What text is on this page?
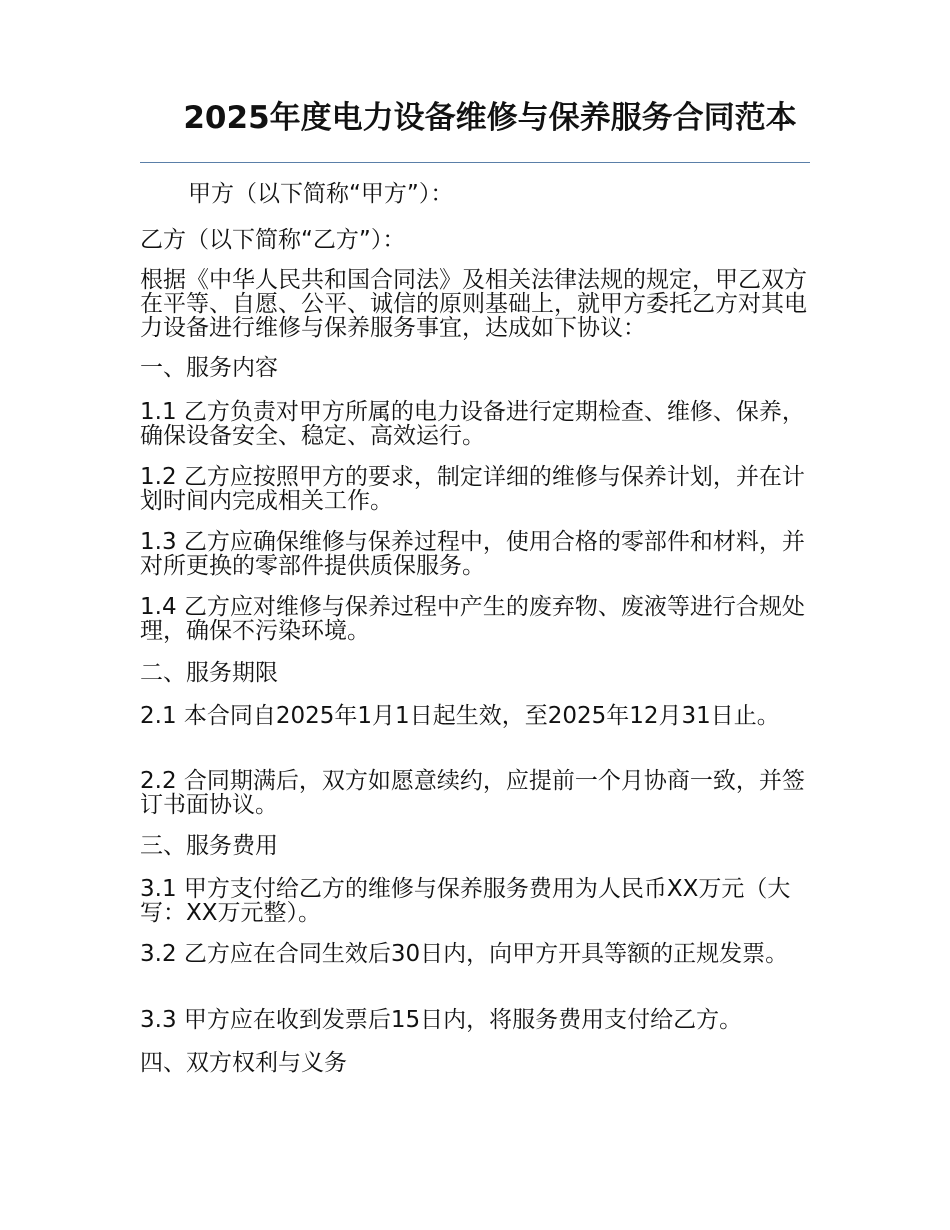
2025年度电力设备维修与保养服务合同范本

甲方（以下简称“甲方”）：

乙方（以下简称“乙方”）：

根据《中华人民共和国合同法》及相关法律法规的规定，甲乙双方在平等、自愿、公平、诚信的原则基础上，就甲方委托乙方对其电力设备进行维修与保养服务事宜，达成如下协议：

一、服务内容

1.1 乙方负责对甲方所属的电力设备进行定期检查、维修、保养，确保设备安全、稳定、高效运行。

1.2 乙方应按照甲方的要求，制定详细的维修与保养计划，并在计划时间内完成相关工作。

1.3 乙方应确保维修与保养过程中，使用合格的零部件和材料，并对所更换的零部件提供质保服务。

1.4 乙方应对维修与保养过程中产生的废弃物、废液等进行合规处理，确保不污染环境。

二、服务期限

2.1 本合同自2025年1月1日起生效，至2025年12月31日止。

2.2 合同期满后，双方如愿意续约，应提前一个月协商一致，并签订书面协议。

三、服务费用

3.1 甲方支付给乙方的维修与保养服务费用为人民币XX万元（大写：XX万元整）。

3.2 乙方应在合同生效后30日内，向甲方开具等额的正规发票。

3.3 甲方应在收到发票后15日内，将服务费用支付给乙方。

四、双方权利与义务
